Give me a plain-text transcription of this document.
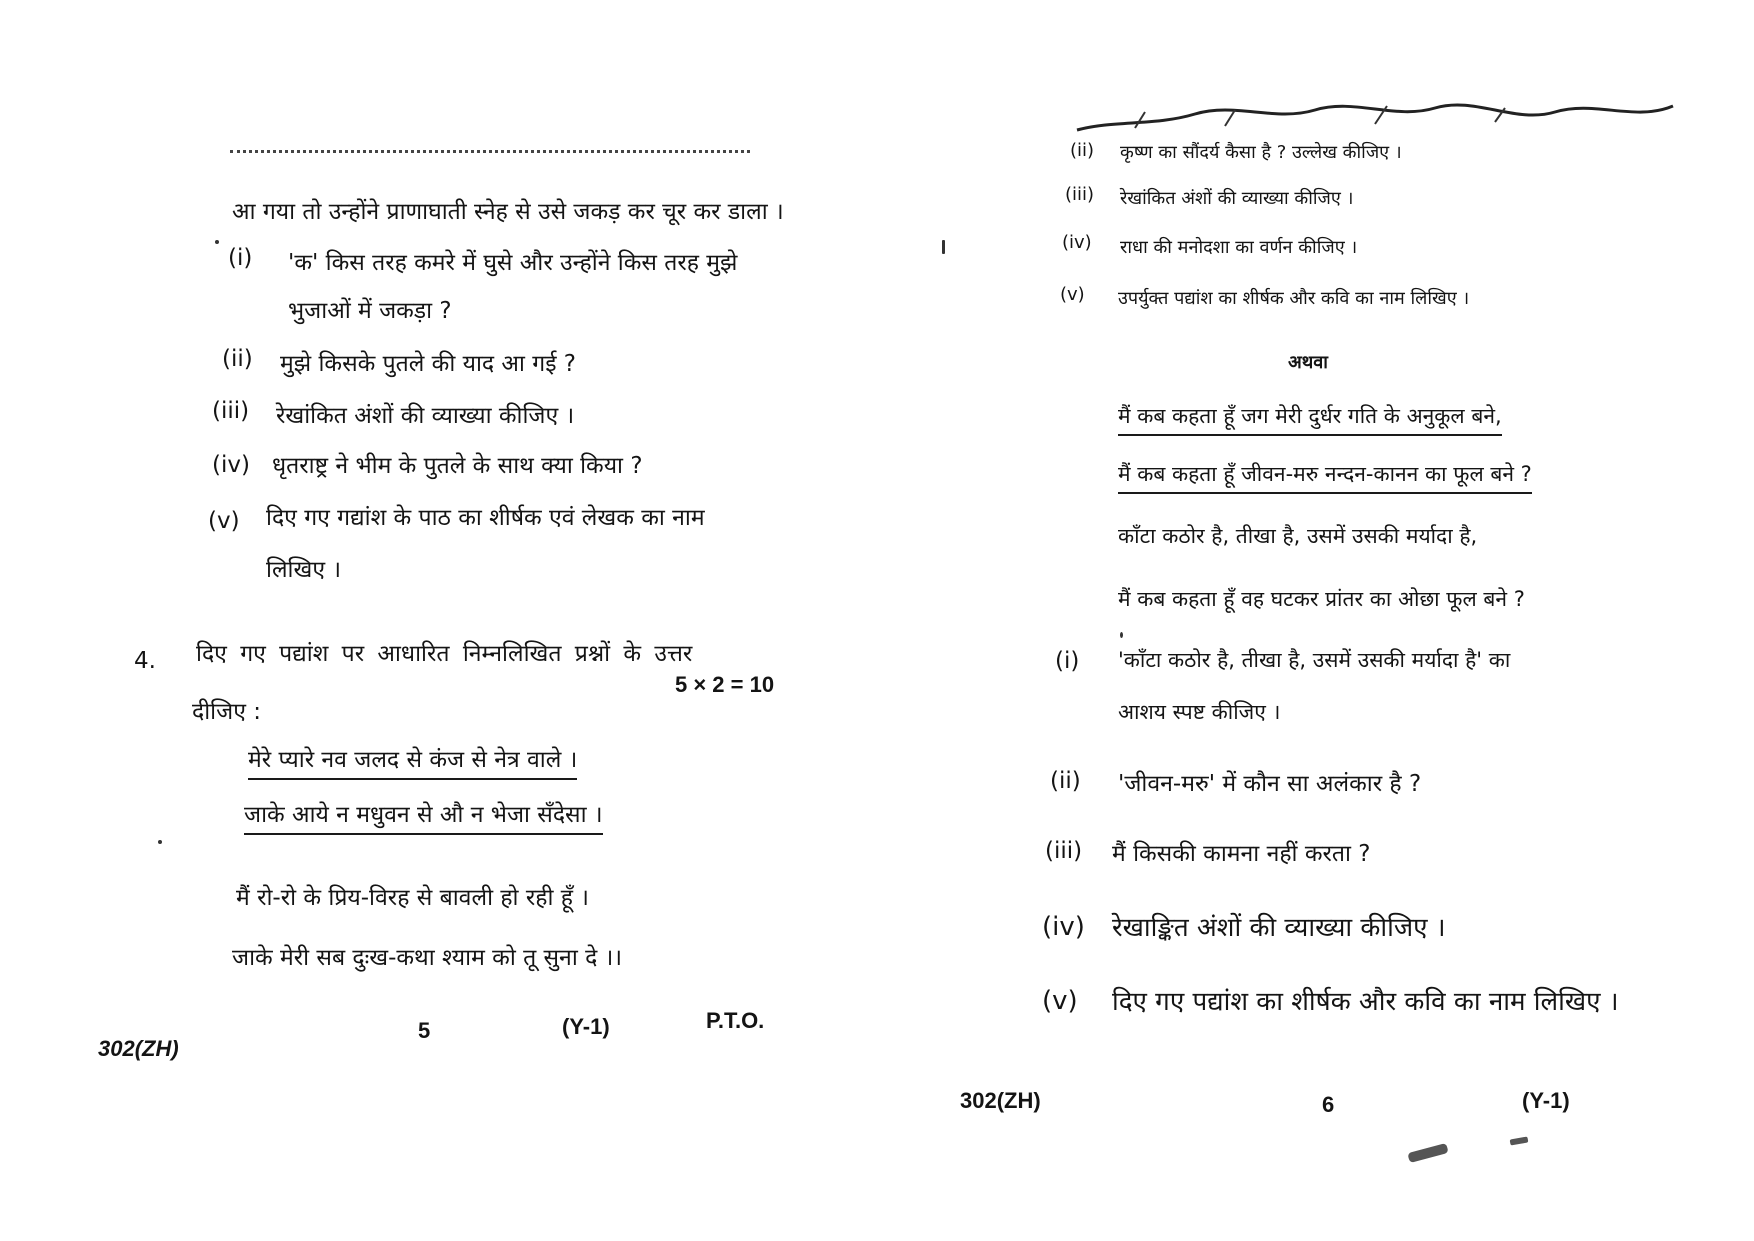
आ गया तो उन्होंने प्राणाघाती स्नेह से उसे जकड़ कर चूर कर डाला ।
(i) 'क' किस तरह कमरे में घुसे और उन्होंने किस तरह मुझे
भुजाओं में जकड़ा ?
(ii) मुझे किसके पुतले की याद आ गई ?
(iii) रेखांकित अंशों की व्याख्या कीजिए ।
(iv) धृतराष्ट्र ने भीम के पुतले के साथ क्या किया ?
(v) दिए गए गद्यांश के पाठ का शीर्षक एवं लेखक का नाम
लिखिए ।
4. दिए गए पद्यांश पर आधारित निम्नलिखित प्रश्नों के उत्तर
दीजिए :
5 × 2 = 10
मेरे प्यारे नव जलद से कंज से नेत्र वाले ।
जाके आये न मधुवन से औ न भेजा सँदेसा ।
मैं रो-रो के प्रिय-विरह से बावली हो रही हूँ ।
जाके मेरी सब दुःख-कथा श्याम को तू सुना दे ।।
302(ZH)
5	(Y-1)	P.T.O.
(ii) कृष्ण का सौंदर्य कैसा है ? उल्लेख कीजिए ।
(iii) रेखांकित अंशों की व्याख्या कीजिए ।
(iv) राधा की मनोदशा का वर्णन कीजिए ।
(v) उपर्युक्त पद्यांश का शीर्षक और कवि का नाम लिखिए ।
अथवा
मैं कब कहता हूँ जग मेरी दुर्धर गति के अनुकूल बने,
मैं कब कहता हूँ जीवन-मरु नन्दन-कानन का फूल बने ?
काँटा कठोर है, तीखा है, उसमें उसकी मर्यादा है,
मैं कब कहता हूँ वह घटकर प्रांतर का ओछा फूल बने ?
(i) 'काँटा कठोर है, तीखा है, उसमें उसकी मर्यादा है' का
आशय स्पष्ट कीजिए ।
(ii) 'जीवन-मरु' में कौन सा अलंकार है ?
(iii) मैं किसकी कामना नहीं करता ?
(iv) रेखाङ्कित अंशों की व्याख्या कीजिए ।
(v) दिए गए पद्यांश का शीर्षक और कवि का नाम लिखिए ।
302(ZH)	6	(Y-1)
